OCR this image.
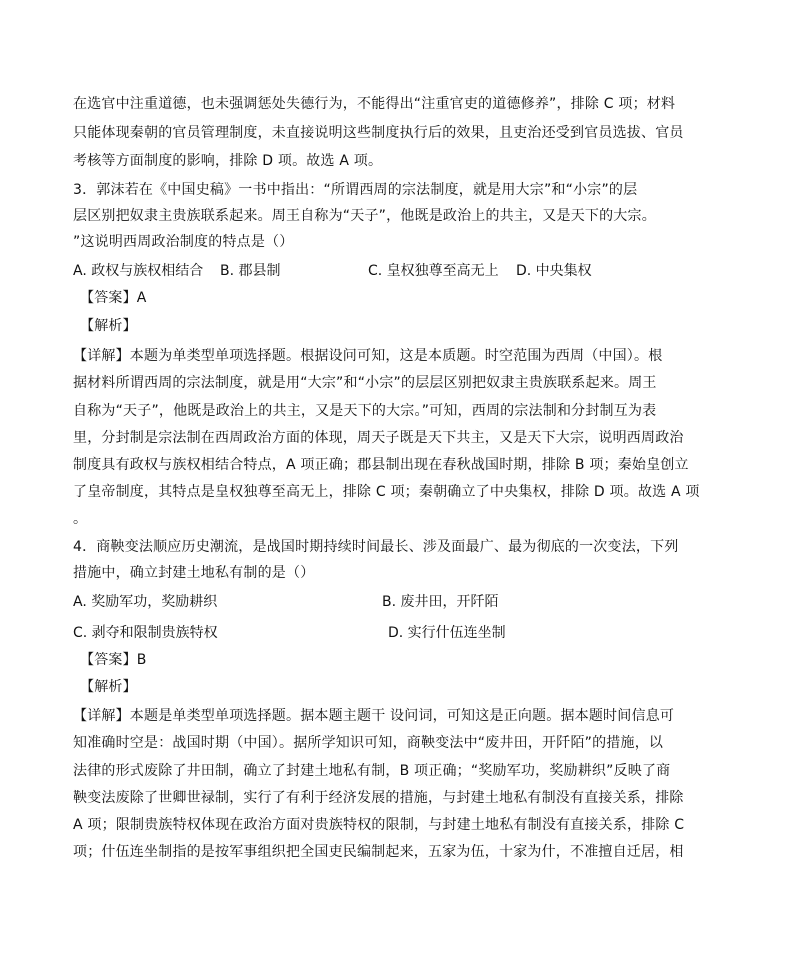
在选官中注重道德，也未强调惩处失德行为，不能得出“注重官吏的道德修养”，排除 C 项；材料
只能体现秦朝的官员管理制度，未直接说明这些制度执行后的效果，且吏治还受到官员选拔、官员
考核等方面制度的影响，排除 D 项。故选 A 项。
3．郭沫若在《中国史稿》一书中指出：“所谓西周的宗法制度，就是用大宗”和“小宗”的层
层区别把奴隶主贵族联系起来。周王自称为“天子”，他既是政治上的共主，又是天下的大宗。
”这说明西周政治制度的特点是（）
A. 政权与族权相结合 B. 郡县制	C. 皇权独尊至高无上 D. 中央集权
【答案】A
【解析】
【详解】本题为单类型单项选择题。根据设问可知，这是本质题。时空范围为西周（中国）。根
据材料所谓西周的宗法制度，就是用“大宗”和“小宗”的层层区别把奴隶主贵族联系起来。周王
自称为“天子”，他既是政治上的共主，又是天下的大宗。”可知，西周的宗法制和分封制互为表
里，分封制是宗法制在西周政治方面的体现，周天子既是天下共主，又是天下大宗，说明西周政治
制度具有政权与族权相结合特点，A 项正确；郡县制出现在春秋战国时期，排除 B 项；秦始皇创立
了皇帝制度，其特点是皇权独尊至高无上，排除 C 项；秦朝确立了中央集权，排除 D 项。故选 A 项
。
4．商鞅变法顺应历史潮流，是战国时期持续时间最长、涉及面最广、最为彻底的一次变法，下列
措施中，确立封建土地私有制的是（）
A. 奖励军功，奖励耕织	B. 废井田，开阡陌
C. 剥夺和限制贵族特权	D. 实行什伍连坐制
【答案】B
【解析】
【详解】本题是单类型单项选择题。据本题主题干 设问词，可知这是正向题。据本题时间信息可
知准确时空是：战国时期（中国）。据所学知识可知，商鞅变法中“废井田，开阡陌”的措施，以
法律的形式废除了井田制，确立了封建土地私有制，B 项正确；“奖励军功，奖励耕织”反映了商
鞅变法废除了世卿世禄制，实行了有利于经济发展的措施，与封建土地私有制没有直接关系，排除
A 项；限制贵族特权体现在政治方面对贵族特权的限制，与封建土地私有制没有直接关系，排除 C
项；什伍连坐制指的是按军事组织把全国吏民编制起来，五家为伍，十家为什，不准擅自迁居，相
